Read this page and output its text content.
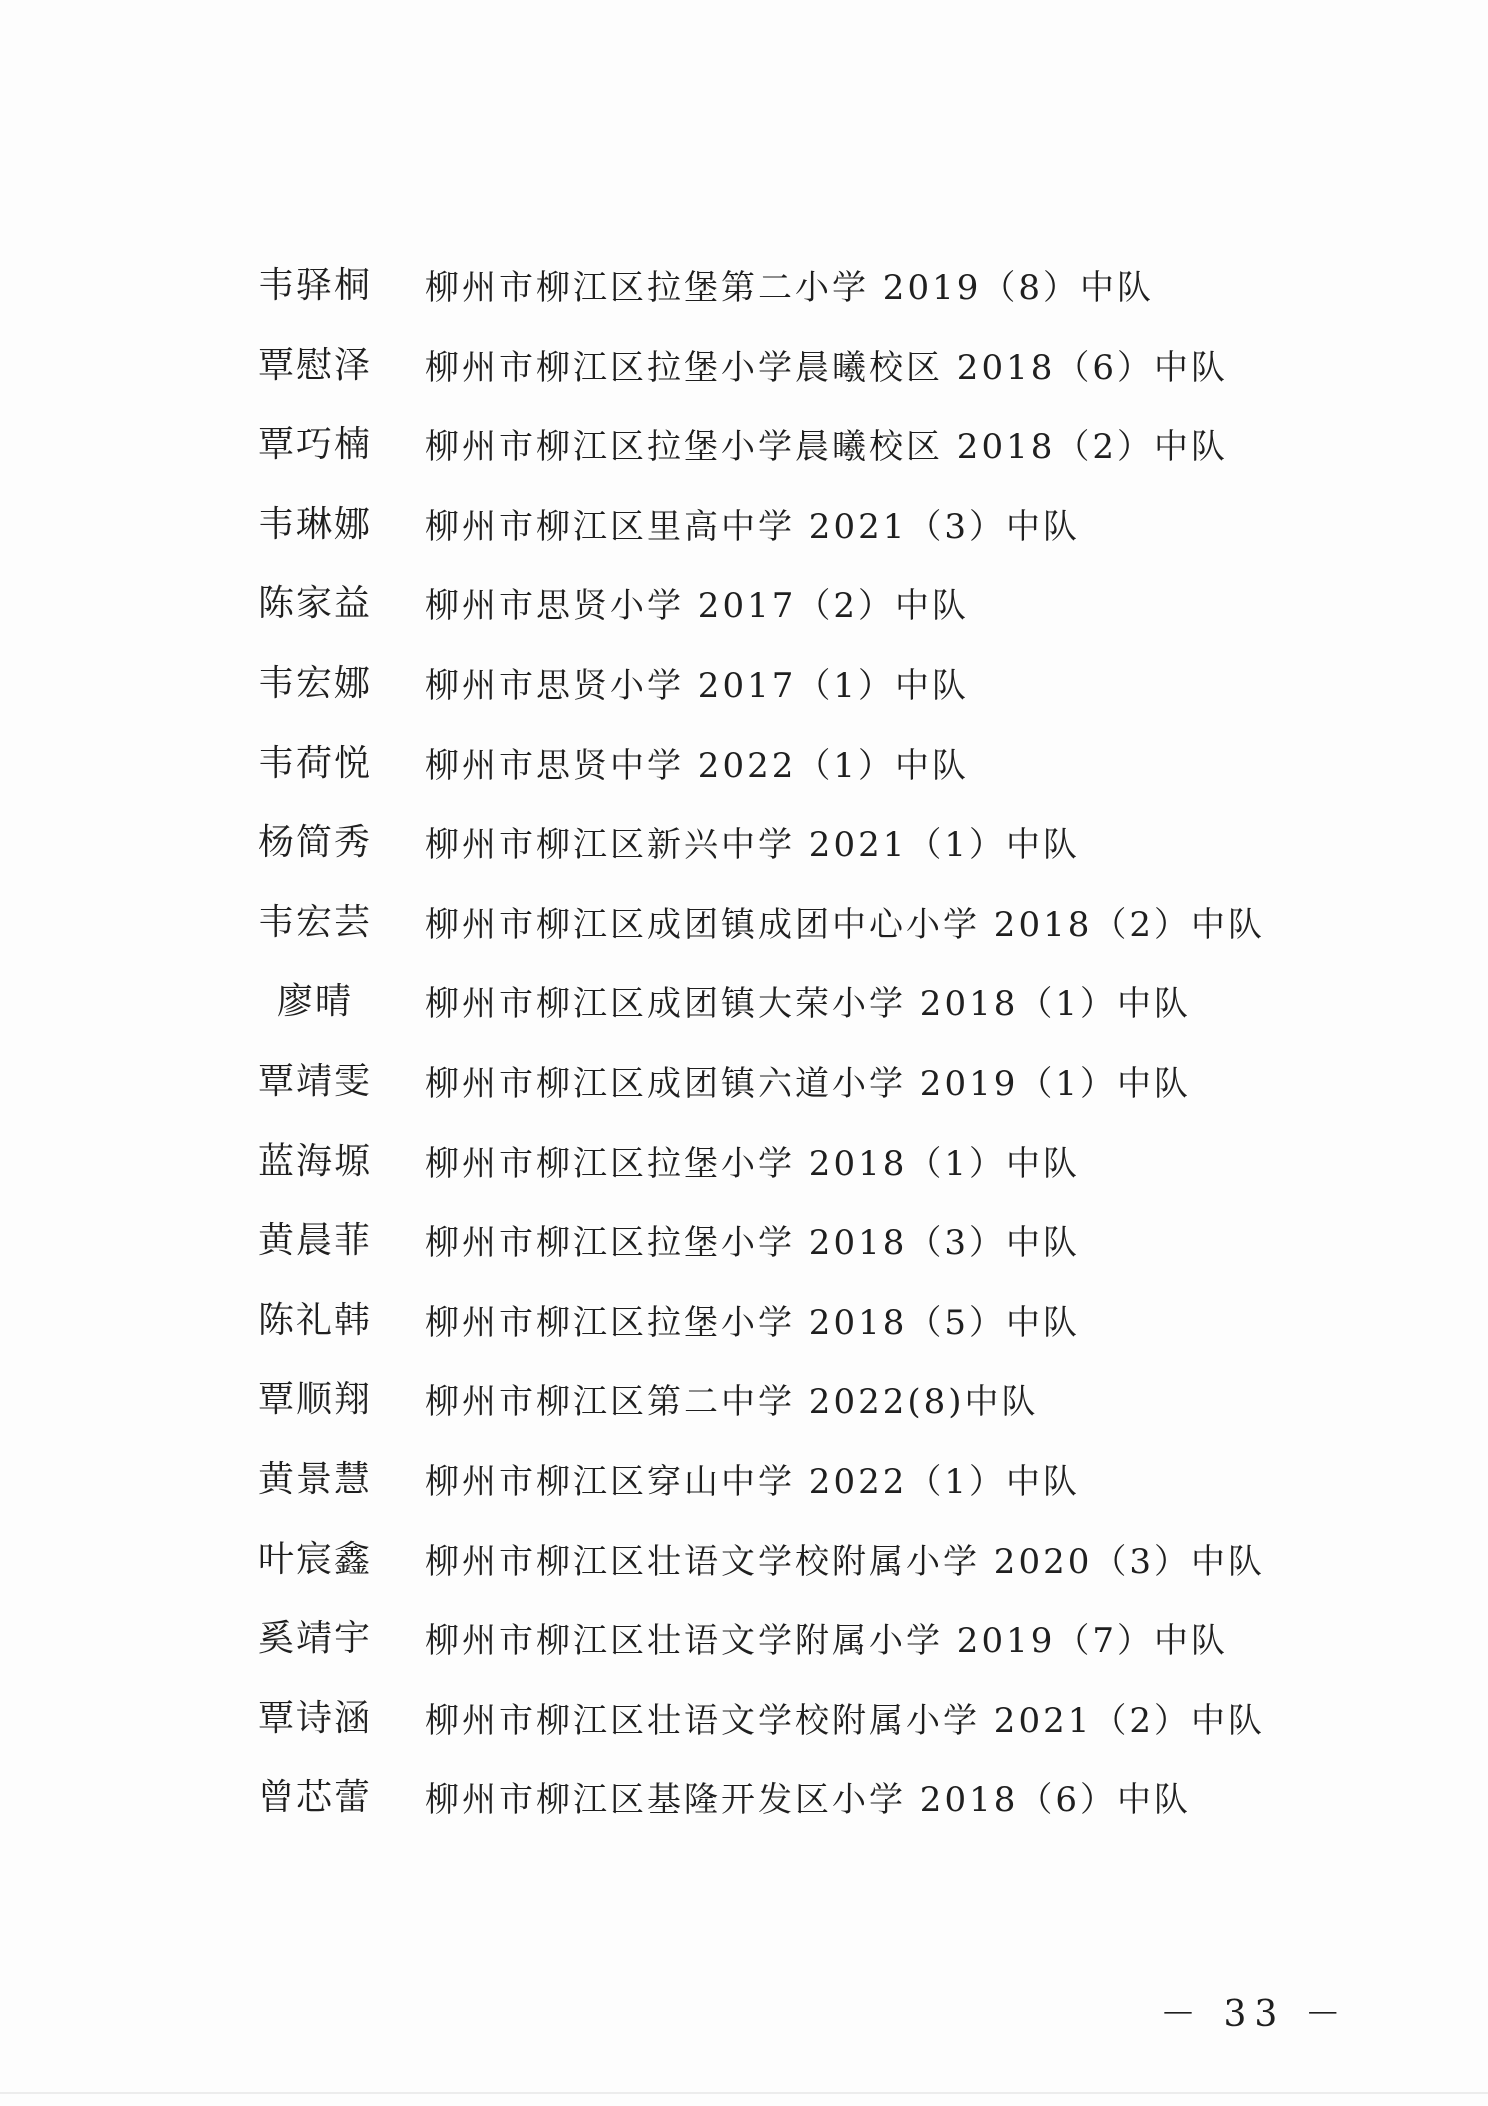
韦驿桐	柳州市柳江区拉堡第二小学 2019（8）中队
覃慰泽	柳州市柳江区拉堡小学晨曦校区 2018（6）中队
覃巧楠	柳州市柳江区拉堡小学晨曦校区 2018（2）中队
韦琳娜	柳州市柳江区里高中学 2021（3）中队
陈家益	柳州市思贤小学 2017（2）中队
韦宏娜	柳州市思贤小学 2017（1）中队
韦荷悦	柳州市思贤中学 2022（1）中队
杨简秀	柳州市柳江区新兴中学 2021（1）中队
韦宏芸	柳州市柳江区成团镇成团中心小学 2018（2）中队
廖晴	柳州市柳江区成团镇大荣小学 2018（1）中队
覃靖雯	柳州市柳江区成团镇六道小学 2019（1）中队
蓝海塬	柳州市柳江区拉堡小学 2018（1）中队
黄晨菲	柳州市柳江区拉堡小学 2018（3）中队
陈礼韩	柳州市柳江区拉堡小学 2018（5）中队
覃顺翔	柳州市柳江区第二中学 2022(8)中队
黄景慧	柳州市柳江区穿山中学 2022（1）中队
叶宸鑫	柳州市柳江区壮语文学校附属小学 2020（3）中队
奚靖宇	柳州市柳江区壮语文学附属小学 2019（7）中队
覃诗涵	柳州市柳江区壮语文学校附属小学 2021（2）中队
曾芯蕾	柳州市柳江区基隆开发区小学 2018（6）中队
－ 33 －
